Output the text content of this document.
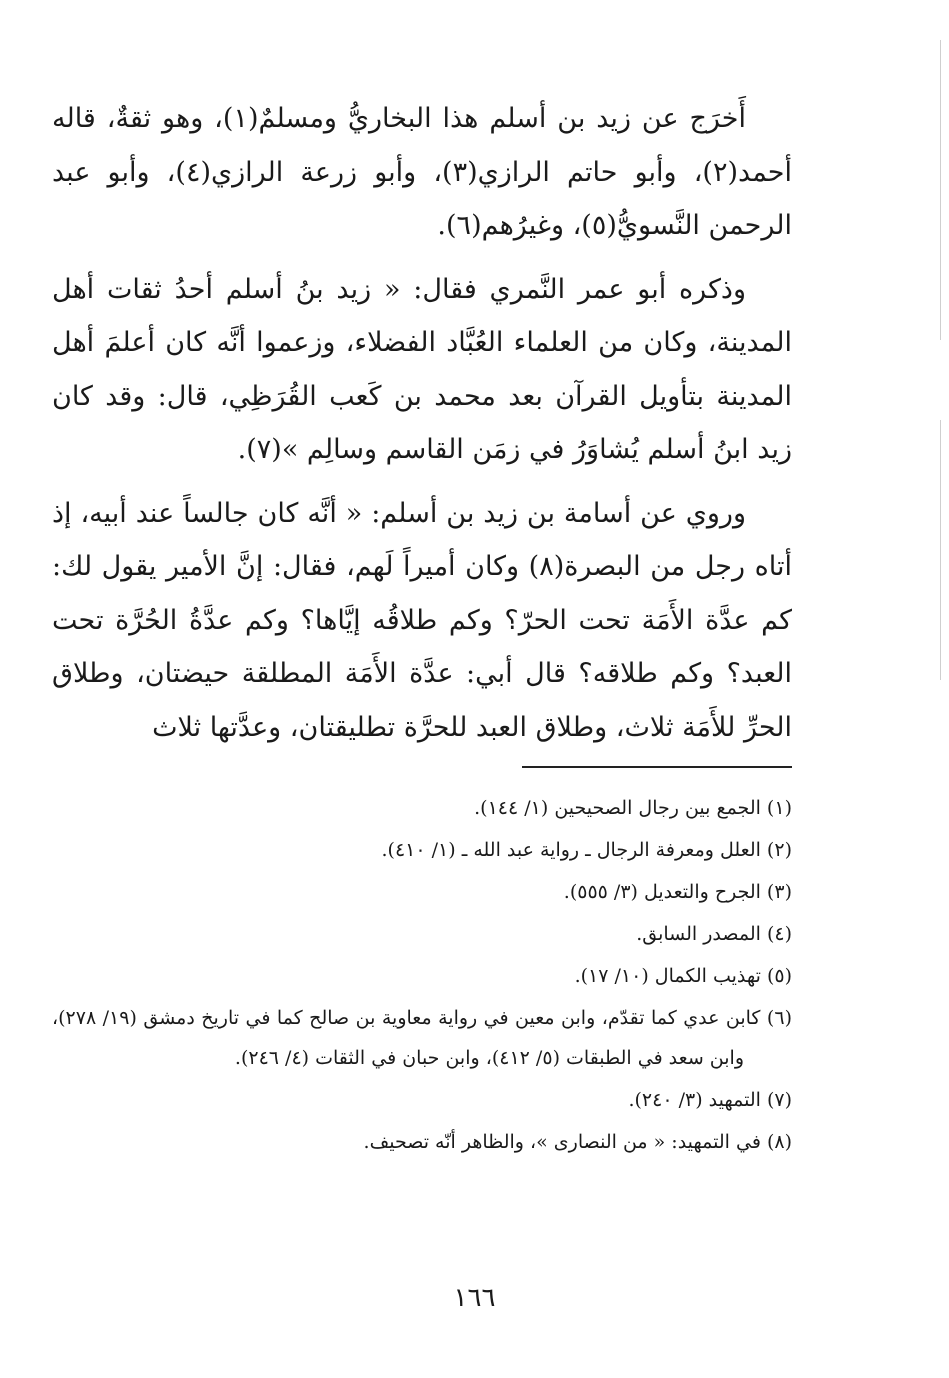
أَخرَج عن زيد بن أسلم هذا البخاريُّ ومسلمٌ(١)، وهو ثقةٌ، قاله أحمد(٢)، وأبو حاتم الرازي(٣)، وأبو زرعة الرازي(٤)، وأبو عبد الرحمن النَّسويُّ(٥)، وغيرُهم(٦).

وذكره أبو عمر النَّمري فقال: « زيد بنُ أسلم أحدُ ثقات أهل المدينة، وكان من العلماء العُبَّاد الفضلاء، وزعموا أنَّه كان أعلمَ أهل المدينة بتأويل القرآن بعد محمد بن كَعب القُرَظِي، قال: وقد كان زيد ابنُ أسلم يُشاوَرُ في زمَن القاسم وسالِم »(٧).

وروي عن أسامة بن زيد بن أسلم: « أنَّه كان جالساً عند أبيه، إذ أتاه رجل من البصرة(٨) وكان أميراً لَهم، فقال: إنَّ الأمير يقول لك: كم عدَّة الأَمَة تحت الحرّ؟ وكم طلاقُه إيَّاها؟ وكم عدَّةُ الحُرَّة تحت العبد؟ وكم طلاقه؟ قال أبي: عدَّة الأَمَة المطلقة حيضتان، وطلاق الحرِّ للأَمَة ثلاث، وطلاق العبد للحرَّة تطليقتان، وعدَّتها ثلاث

(١) الجمع بين رجال الصحيحين (١/ ١٤٤).

(٢) العلل ومعرفة الرجال ـ رواية عبد الله ـ (١/ ٤١٠).

(٣) الجرح والتعديل (٣/ ٥٥٥).

(٤) المصدر السابق.

(٥) تهذيب الكمال (١٠/ ١٧).

(٦) كابن عدي كما تقدّم، وابن معين في رواية معاوية بن صالح كما في تاريخ دمشق (١٩/ ٢٧٨)، وابن سعد في الطبقات (٥/ ٤١٢)، وابن حبان في الثقات (٤/ ٢٤٦).

(٧) التمهيد (٣/ ٢٤٠).

(٨) في التمهيد: « من النصارى »، والظاهر أنّه تصحيف.

١٦٦
